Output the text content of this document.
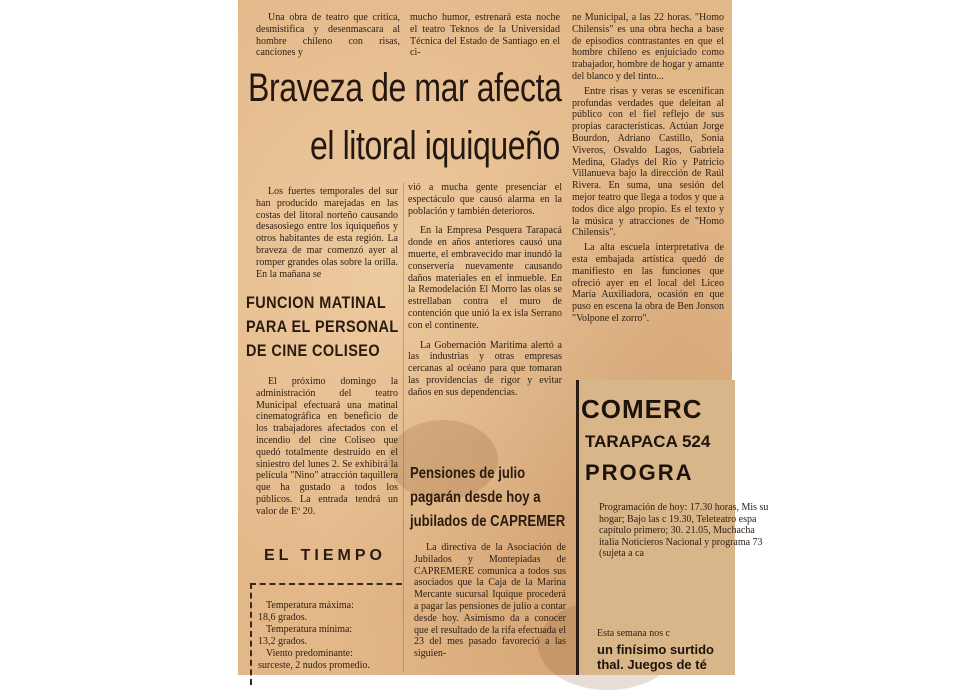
Una obra de teatro que critica, desmistifica y desenmascara al hombre chileno con risas, canciones y

mucho humor, estrenará esta noche el teatro Teknos de la Universidad Técnica del Estado de Santiago en el ci-

ne Municipal, a las 22 horas. "Homo Chilensis" es una obra hecha a base de episodios contrastantes en que el hombre chileno es enjuiciado como trabajador, hombre de hogar y amante del blanco y del tinto...

Entre risas y veras se escenifican profundas verdades que deleitan al público con el fiel reflejo de sus propias características. Actúan Jorge Bourdon, Adriano Castillo, Sonia Viveros, Osvaldo Lagos, Gabriela Medina, Gladys del Río y Patricio Villanueva bajo la dirección de Raúl Rivera. En suma, una sesión del mejor teatro que llega a todos y que a todos dice algo propio. Es el texto y la música y atracciones de "Homo Chilensis".

La alta escuela interpretativa de esta embajada artística quedó de manifiesto en las funciones que ofreció ayer en el local del Liceo María Auxiliadora, ocasión en que puso en escena la obra de Ben Jonson "Volpone el zorro".

Braveza de mar afecta
el litoral iquiqueño

Los fuertes temporales del sur han producido marejadas en las costas del litoral norteño causando desasosiego entre los iquiqueños y otros habitantes de esta región. La braveza de mar comenzó ayer al romper grandes olas sobre la orilla. En la mañana se

vió a mucha gente presenciar el espectáculo que causó alarma en la población y también deterioros.

En la Empresa Pesquera Tarapacá donde en años anteriores causó una muerte, el embravecido mar inundó la conservería nuevamente causando daños materiales en el inmueble. En la Remodelación El Morro las olas se estrellaban contra el muro de contención que unió la ex isla Serrano con el continente.

La Gobernación Marítima alertó a las industrias y otras empresas cercanas al océano para que tomaran las providencias de rigor y evitar daños en sus dependencias.

FUNCION MATINAL
PARA EL PERSONAL
DE CINE COLISEO

El próximo domingo la administración del teatro Municipal efectuará una matinal cinematográfica en beneficio de los trabajadores afectados con el incendio del cine Coliseo que quedó totalmente destruido en el siniestro del lunes 2. Se exhibirá la película "Nino" atracción taquillera que ha gustado a todos los públicos. La entrada tendrá un valor de Eº 20.

EL TIEMPO
Temperatura máxima:
18,6 grados.
Temperatura mínima:
13,2 grados.
Viento predominante:
surceste, 2 nudos promedio.
Pensiones de julio
pagarán desde hoy a
jubilados de CAPREMER

La directiva de la Asociación de Jubilados y Montepiadas de CAPREMERE comunica a todos sus asociados que la Caja de la Marina Mercante sucursal Iquique procederá a pagar las pensiones de julio a contar desde hoy. Asimismo da a conocer que el resultado de la rifa efectuada el 23 del mes pasado favoreció a las siguien-

COMERC
TARAPACA 524
PROGRA
Programación de hoy: 17.30 horas, Mis su hogar; Bajo las c 19.30, Teleteatro espa capítulo primero; 30. 21.05, Muchacha italia Noticieros Nacional y programa 73 (sujeta a ca
Esta semana nos c
un finísimo surtido
thal. Juegos de té
